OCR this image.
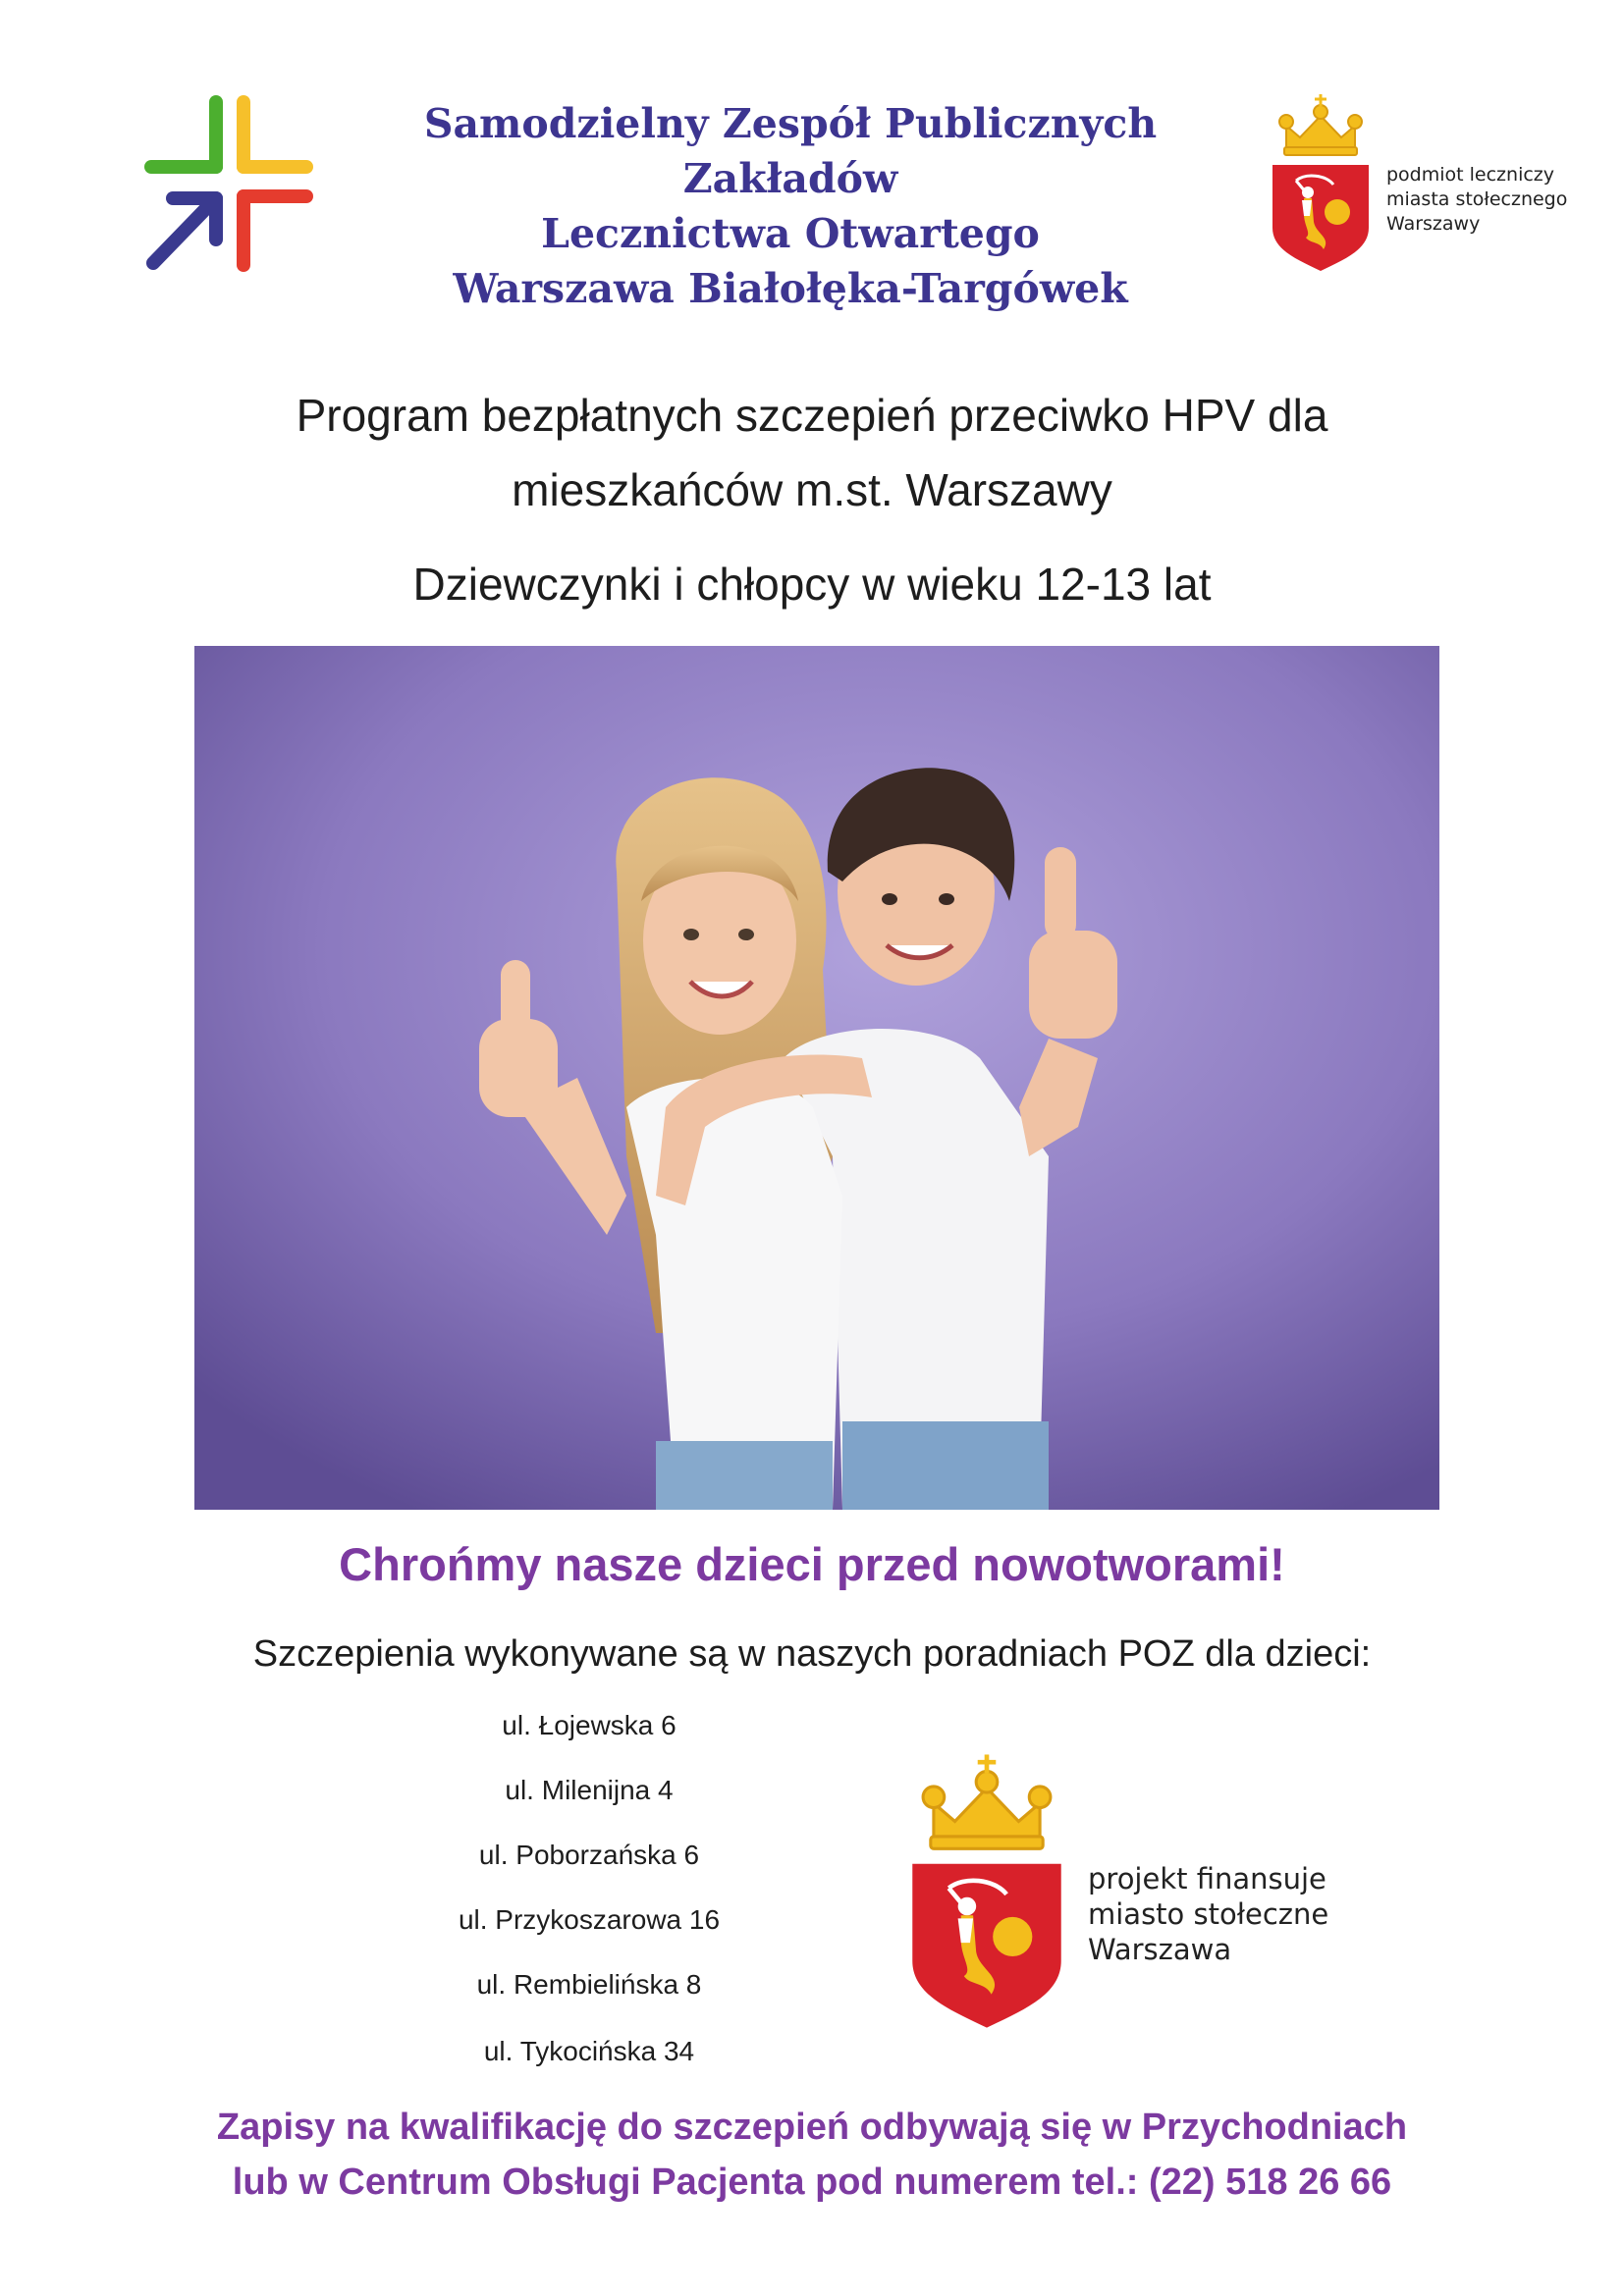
Samodzielny Zespół Publicznych Zakładów
Lecznictwa Otwartego
Warszawa Białołęka-Targówek
podmiot leczniczy
miasta stołecznego
Warszawy
Program bezpłatnych szczepień przeciwko HPV dla
mieszkańców m.st. Warszawy
Dziewczynki i chłopcy w wieku 12-13 lat
Chrońmy nasze dzieci przed nowotworami!
Szczepienia wykonywane są w naszych poradniach POZ dla dzieci:
ul. Łojewska 6
ul. Milenijna 4
ul. Poborzańska 6
ul. Przykoszarowa 16
ul. Rembielińska 8
ul. Tykocińska 34
projekt finansuje
miasto stołeczne
Warszawa
Zapisy na kwalifikację do szczepień odbywają się w Przychodniach
lub w Centrum Obsługi Pacjenta pod numerem tel.: (22) 518 26 66
